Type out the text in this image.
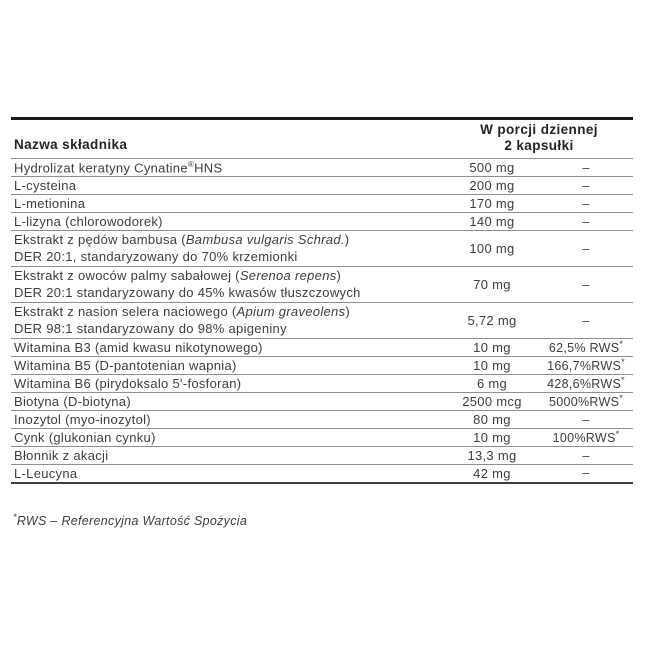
Nazwa składnika	W porcji dziennej
2 kapsułki	

Hydrolizat keratyny Cynatine®HNS	500 mg	–
L-cysteina	200 mg	–
L-metionina	170 mg	–
L-lizyna (chlorowodorek)	140 mg	–

Ekstrakt z pędów bambusa (Bambusa vulgaris Schrad.)
DER 20:1, standaryzowany do 70% krzemionki	100 mg	–

Ekstrakt z owoców palmy sabałowej (Serenoa repens)
DER 20:1 standaryzowany do 45% kwasów tłuszczowych	70 mg	–

Ekstrakt z nasion selera naciowego (Apium graveolens)
DER 98:1 standaryzowany do 98% apigeniny	5,72 mg	–
Witamina B3 (amid kwasu nikotynowego)	10 mg	62,5% RWS*
Witamina B5 (D-pantotenian wapnia)	10 mg	166,7%RWS*
Witamina B6 (pirydoksalo 5'-fosforan)	6 mg	428,6%RWS*
Biotyna (D-biotyna)	2500 mcg	5000%RWS*
Inozytol (myo-inozytol)	80 mg	–
Cynk (glukonian cynku)	10 mg	100%RWS*
Błonnik z akacji	13,3 mg	–
L-Leucyna	42 mg	–
*RWS – Referencyjna Wartość Spożycia
